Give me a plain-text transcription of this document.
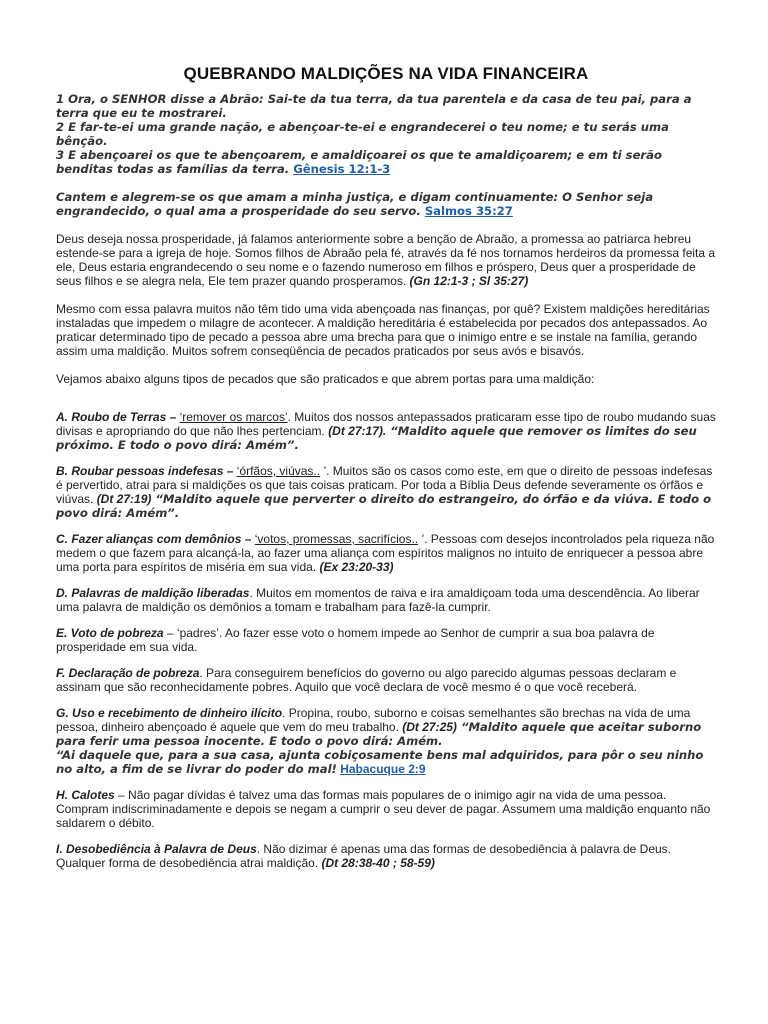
QUEBRANDO MALDIÇÕES NA VIDA FINANCEIRA

1 Ora, o SENHOR disse a Abrão: Sai-te da tua terra, da tua parentela e da casa de teu pai, para a terra que eu te mostrarei.

2 E far-te-ei uma grande nação, e abençoar-te-ei e engrandecerei o teu nome; e tu serás uma bênção.

3 E abençoarei os que te abençoarem, e amaldiçoarei os que te amaldiçoarem; e em ti serão benditas todas as famílias da terra. Gênesis 12:1-3

Cantem e alegrem-se os que amam a minha justiça, e digam continuamente: O Senhor seja engrandecido, o qual ama a prosperidade do seu servo. Salmos 35:27

Deus deseja nossa prosperidade, já falamos anteriormente sobre a benção de Abraão, a promessa ao patriarca hebreu estende-se para a igreja de hoje. Somos filhos de Abraão pela fé, através da fé nos tornamos herdeiros da promessa feita a ele, Deus estaria engrandecendo o seu nome e o fazendo numeroso em filhos e próspero, Deus quer a prosperidade de seus filhos e se alegra nela, Ele tem prazer quando prosperamos. (Gn 12:1-3 ; Sl 35:27)

Mesmo com essa palavra muitos não têm tido uma vida abençoada nas finanças, por quê? Existem maldições hereditárias instaladas que impedem o milagre de acontecer. A maldição hereditária é estabelecida por pecados dos antepassados. Ao praticar determinado tipo de pecado a pessoa abre uma brecha para que o inimigo entre e se instale na família, gerando assim uma maldição. Muitos sofrem conseqüência de pecados praticados por seus avós e bisavós.

Vejamos abaixo alguns tipos de pecados que são praticados e que abrem portas para uma maldição:

A. Roubo de Terras – ‘remover os marcos’. Muitos dos nossos antepassados praticaram esse tipo de roubo mudando suas divisas e apropriando do que não lhes pertenciam. (Dt 27:17). “Maldito aquele que remover os limites do seu próximo. E todo o povo dirá: Amém”.

B. Roubar pessoas indefesas – ‘órfãos, viúvas.. ’. Muitos são os casos como este, em que o direito de pessoas indefesas é pervertido, atrai para si maldições os que tais coisas praticam. Por toda a Bíblia Deus defende severamente os órfãos e viúvas. (Dt 27:19) “Maldito aquele que perverter o direito do estrangeiro, do órfão e da viúva. E todo o povo dirá: Amém”.

C. Fazer alianças com demônios – ‘votos, promessas, sacrifícios.. ’. Pessoas com desejos incontrolados pela riqueza não medem o que fazem para alcançá-la, ao fazer uma aliança com espíritos malignos no intuito de enriquecer a pessoa abre uma porta para espíritos de miséria em sua vida. (Ex 23:20-33)

D. Palavras de maldição liberadas. Muitos em momentos de raiva e ira amaldiçoam toda uma descendência. Ao liberar uma palavra de maldição os demônios a tomam e trabalham para fazê-la cumprir.

E. Voto de pobreza – ‘padres’. Ao fazer esse voto o homem impede ao Senhor de cumprir a sua boa palavra de prosperidade em sua vida.

F. Declaração de pobreza. Para conseguirem benefícios do governo ou algo parecido algumas pessoas declaram e assinam que são reconhecidamente pobres. Aquilo que você declara de você mesmo é o que você receberá.

G. Uso e recebimento de dinheiro ilícito. Propina, roubo, suborno e coisas semelhantes são brechas na vida de uma pessoa, dinheiro abençoado é aquele que vem do meu trabalho. (Dt 27:25) “Maldito aquele que aceitar suborno para ferir uma pessoa inocente. E todo o povo dirá: Amém.
“Ai daquele que, para a sua casa, ajunta cobiçosamente bens mal adquiridos, para pôr o seu ninho no alto, a fim de se livrar do poder do mal! Habacuque 2:9

H. Calotes – Não pagar dívidas é talvez uma das formas mais populares de o inimigo agir na vida de uma pessoa. Compram indiscriminadamente e depois se negam a cumprir o seu dever de pagar. Assumem uma maldição enquanto não saldarem o débito.

I. Desobediência à Palavra de Deus. Não dizimar é apenas uma das formas de desobediência à palavra de Deus. Qualquer forma de desobediência atrai maldição. (Dt 28:38-40 ; 58-59)
